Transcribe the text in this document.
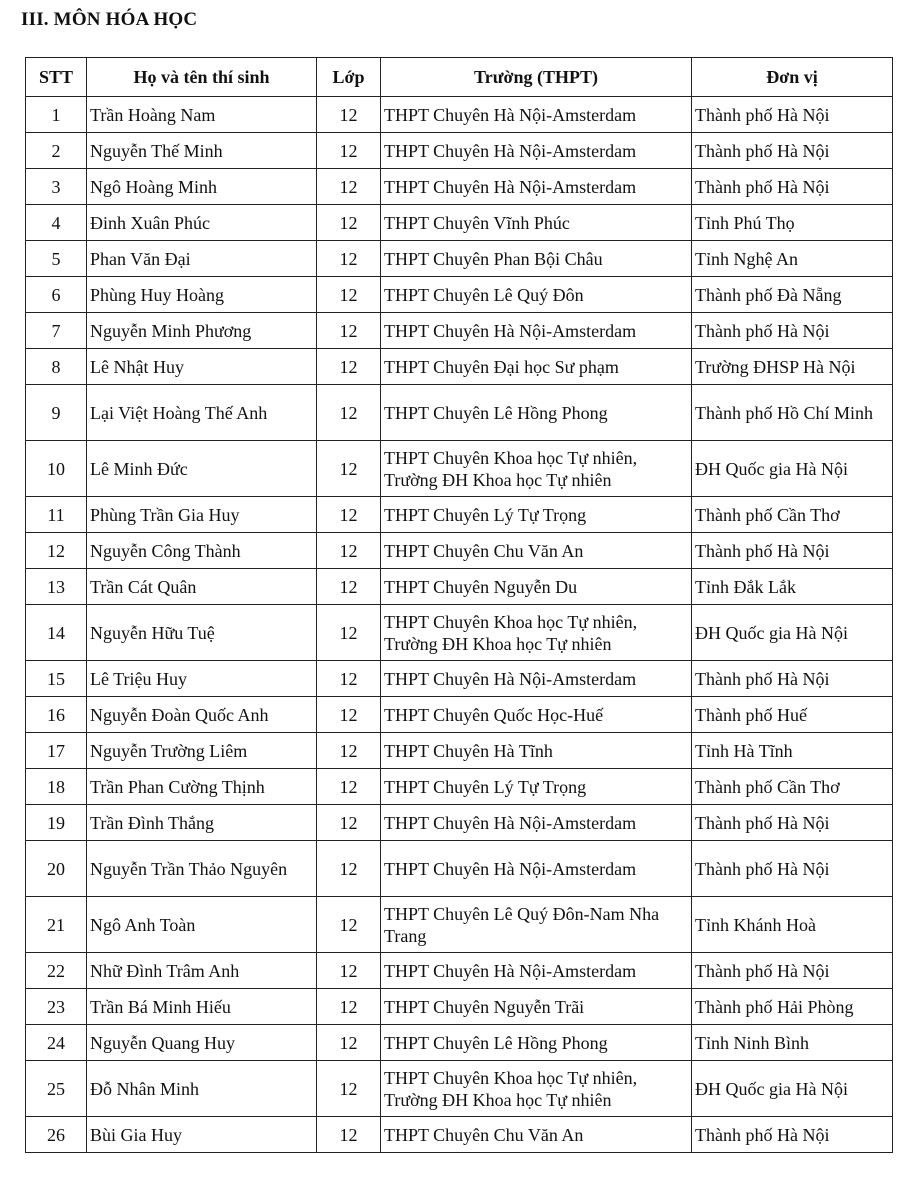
III. MÔN HÓA HỌC
STT	Họ và tên thí sinh	Lớp	Trường (THPT)	Đơn vị
1	Trần Hoàng Nam	12	THPT Chuyên Hà Nội-Amsterdam	Thành phố Hà Nội
2	Nguyễn Thế Minh	12	THPT Chuyên Hà Nội-Amsterdam	Thành phố Hà Nội
3	Ngô Hoàng Minh	12	THPT Chuyên Hà Nội-Amsterdam	Thành phố Hà Nội
4	Đinh Xuân Phúc	12	THPT Chuyên Vĩnh Phúc	Tỉnh Phú Thọ
5	Phan Văn Đại	12	THPT Chuyên Phan Bội Châu	Tỉnh Nghệ An
6	Phùng Huy Hoàng	12	THPT Chuyên Lê Quý Đôn	Thành phố Đà Nẵng
7	Nguyễn Minh Phương	12	THPT Chuyên Hà Nội-Amsterdam	Thành phố Hà Nội
8	Lê Nhật Huy	12	THPT Chuyên Đại học Sư phạm	Trường ĐHSP Hà Nội
9	Lại Việt Hoàng Thế Anh	12	THPT Chuyên Lê Hồng Phong	Thành phố Hồ Chí Minh
10	Lê Minh Đức	12	THPT Chuyên Khoa học Tự nhiên, Trường ĐH Khoa học Tự nhiên	ĐH Quốc gia Hà Nội
11	Phùng Trần Gia Huy	12	THPT Chuyên Lý Tự Trọng	Thành phố Cần Thơ
12	Nguyễn Công Thành	12	THPT Chuyên Chu Văn An	Thành phố Hà Nội
13	Trần Cát Quân	12	THPT Chuyên Nguyễn Du	Tỉnh Đắk Lắk
14	Nguyễn Hữu Tuệ	12	THPT Chuyên Khoa học Tự nhiên, Trường ĐH Khoa học Tự nhiên	ĐH Quốc gia Hà Nội
15	Lê Triệu Huy	12	THPT Chuyên Hà Nội-Amsterdam	Thành phố Hà Nội
16	Nguyễn Đoàn Quốc Anh	12	THPT Chuyên Quốc Học-Huế	Thành phố Huế
17	Nguyễn Trường Liêm	12	THPT Chuyên Hà Tĩnh	Tỉnh Hà Tĩnh
18	Trần Phan Cường Thịnh	12	THPT Chuyên Lý Tự Trọng	Thành phố Cần Thơ
19	Trần Đình Thắng	12	THPT Chuyên Hà Nội-Amsterdam	Thành phố Hà Nội
20	Nguyễn Trần Thảo Nguyên	12	THPT Chuyên Hà Nội-Amsterdam	Thành phố Hà Nội
21	Ngô Anh Toàn	12	THPT Chuyên Lê Quý Đôn-Nam Nha Trang	Tỉnh Khánh Hoà
22	Nhữ Đình Trâm Anh	12	THPT Chuyên Hà Nội-Amsterdam	Thành phố Hà Nội
23	Trần Bá Minh Hiếu	12	THPT Chuyên Nguyễn Trãi	Thành phố Hải Phòng
24	Nguyễn Quang Huy	12	THPT Chuyên Lê Hồng Phong	Tỉnh Ninh Bình
25	Đỗ Nhân Minh	12	THPT Chuyên Khoa học Tự nhiên, Trường ĐH Khoa học Tự nhiên	ĐH Quốc gia Hà Nội
26	Bùi Gia Huy	12	THPT Chuyên Chu Văn An	Thành phố Hà Nội
